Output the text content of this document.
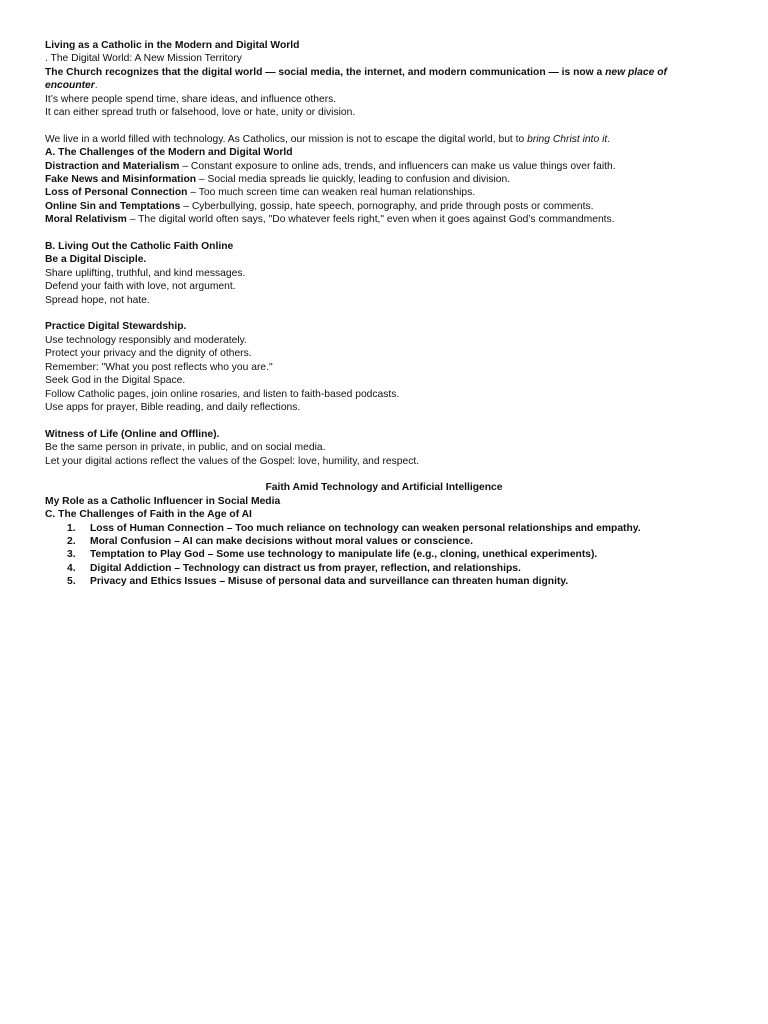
Living as a Catholic in the Modern and Digital World

. The Digital World: A New Mission Territory

The Church recognizes that the digital world — social media, the internet, and modern communication — is now a new place of encounter.

It’s where people spend time, share ideas, and influence others.

It can either spread truth or falsehood, love or hate, unity or division.

We live in a world filled with technology. As Catholics, our mission is not to escape the digital world, but to bring Christ into it.

A. The Challenges of the Modern and Digital World

Distraction and Materialism – Constant exposure to online ads, trends, and influencers can make us value things over faith.

Fake News and Misinformation – Social media spreads lie quickly, leading to confusion and division.

Loss of Personal Connection – Too much screen time can weaken real human relationships.

Online Sin and Temptations – Cyberbullying, gossip, hate speech, pornography, and pride through posts or comments.

Moral Relativism – The digital world often says, "Do whatever feels right," even when it goes against God’s commandments.

B. Living Out the Catholic Faith Online

Be a Digital Disciple.

Share uplifting, truthful, and kind messages.

Defend your faith with love, not argument.

Spread hope, not hate.

Practice Digital Stewardship.

Use technology responsibly and moderately.

Protect your privacy and the dignity of others.

Remember: "What you post reflects who you are."

Seek God in the Digital Space.

Follow Catholic pages, join online rosaries, and listen to faith-based podcasts.

Use apps for prayer, Bible reading, and daily reflections.

Witness of Life (Online and Offline).

Be the same person in private, in public, and on social media.

Let your digital actions reflect the values of the Gospel: love, humility, and respect.

Faith Amid Technology and Artificial Intelligence

My Role as a Catholic Influencer in Social Media

C. The Challenges of Faith in the Age of AI

1. Loss of Human Connection – Too much reliance on technology can weaken personal relationships and empathy.
2. Moral Confusion – AI can make decisions without moral values or conscience.
3. Temptation to Play God – Some use technology to manipulate life (e.g., cloning, unethical experiments).
4. Digital Addiction – Technology can distract us from prayer, reflection, and relationships.
5. Privacy and Ethics Issues – Misuse of personal data and surveillance can threaten human dignity.
